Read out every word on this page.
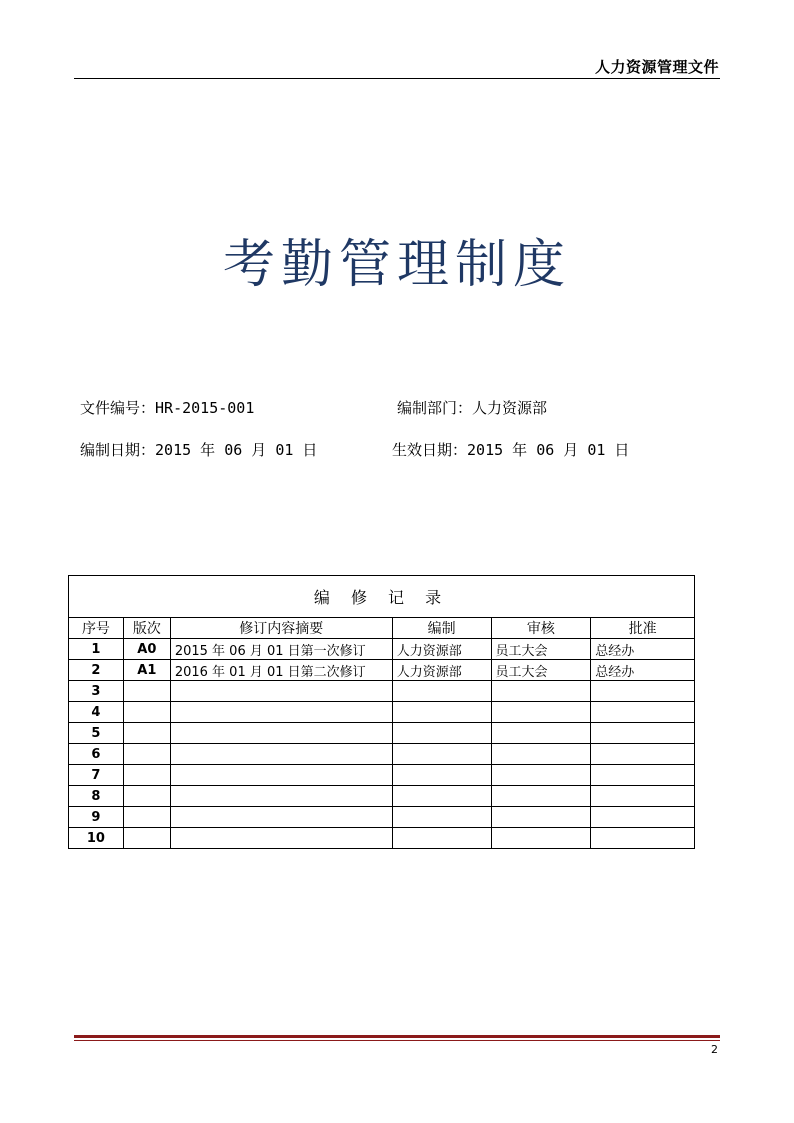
人力资源管理文件
考勤管理制度
文件编号：HR-2015-001	编制部门：人力资源部
编制日期：2015 年 06 月 01 日	生效日期：2015 年 06 月 01 日
编 修 记 录					
序号	版次	修订内容摘要	编制	审核	批准
1	A0	2015 年 06 月 01 日第一次修订	人力资源部	员工大会	总经办
2	A1	2016 年 01 月 01 日第二次修订	人力资源部	员工大会	总经办
3					
4					
5					
6					
7					
8					
9					
10					
2
